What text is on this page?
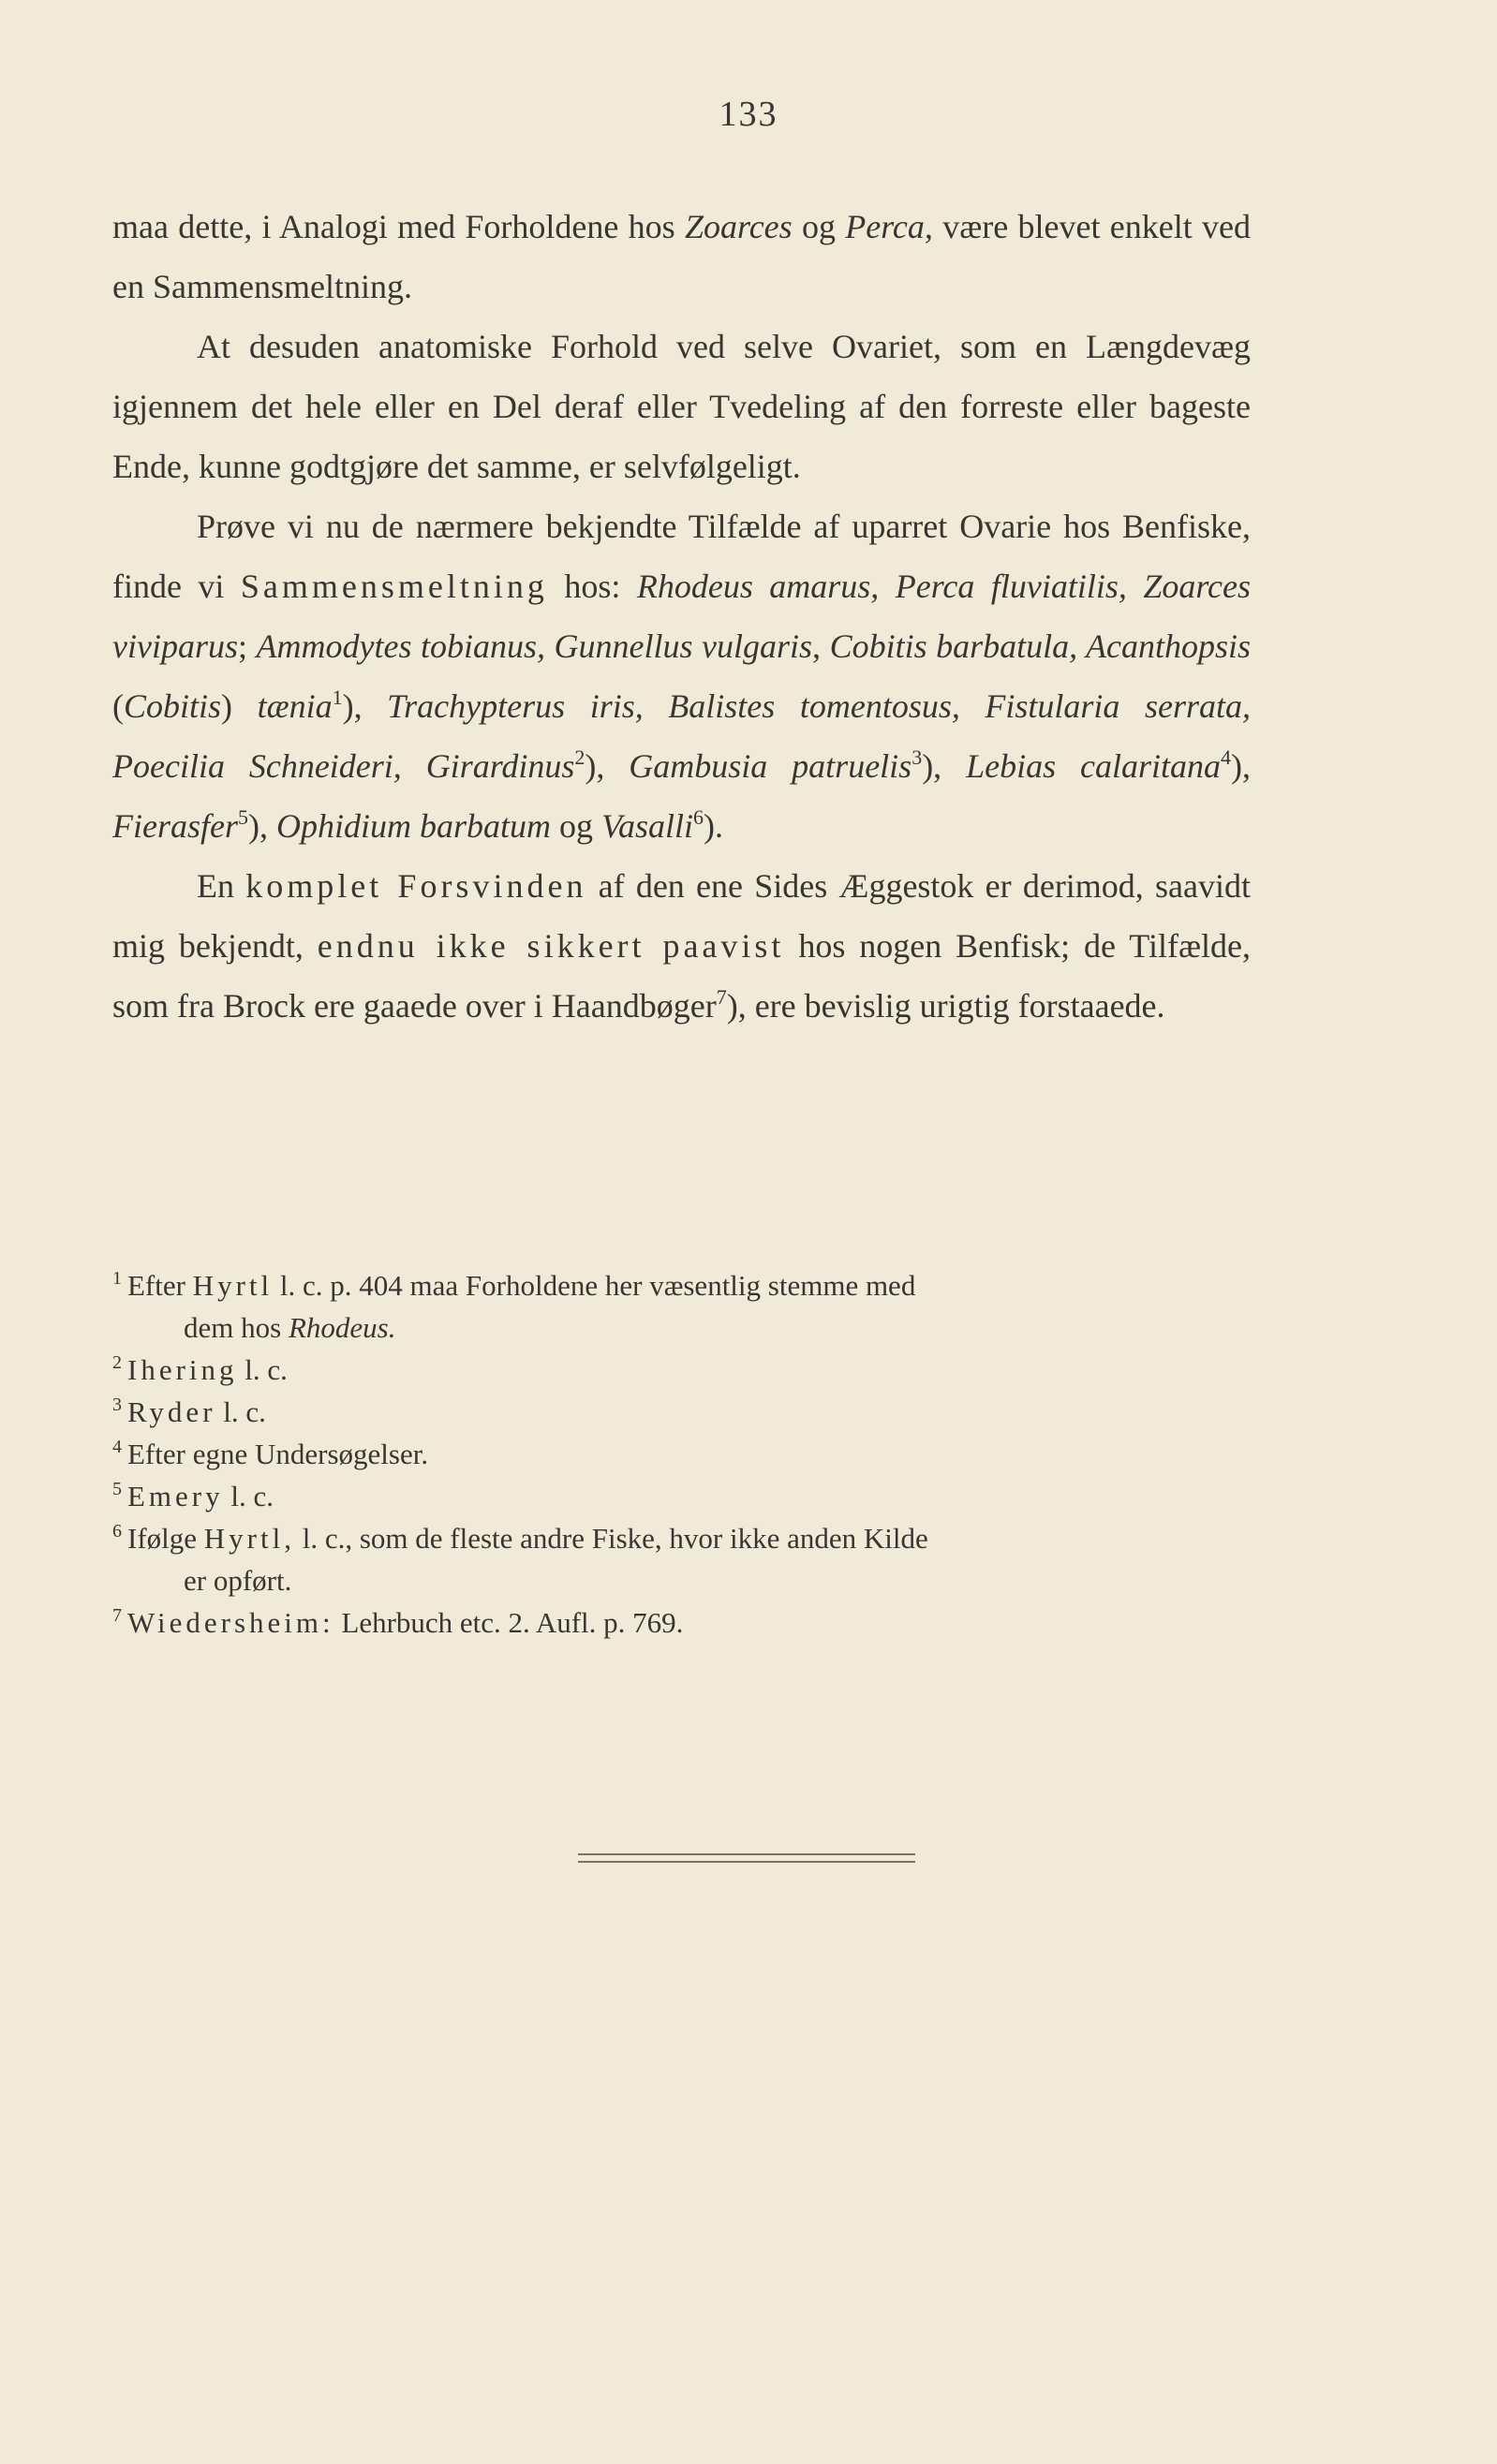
133

maa dette, i Analogi med Forholdene hos Zoarces og Perca, være blevet enkelt ved en Sammensmeltning.

At desuden anatomiske Forhold ved selve Ovariet, som en Længdevæg igjennem det hele eller en Del deraf eller Tvedeling af den forreste eller bageste Ende, kunne godtgjøre det samme, er selvfølgeligt.

Prøve vi nu de nærmere bekjendte Tilfælde af uparret Ovarie hos Benfiske, finde vi Sammensmeltning hos: Rhodeus amarus, Perca fluviatilis, Zoarces viviparus; Ammodytes tobianus, Gunnellus vulgaris, Cobitis barbatula, Acanthopsis (Cobitis) tænia$^1$), Trachypterus iris, Balistes tomentosus, Fistularia serrata, Poecilia Schneideri, Girardinus$^2$), Gambusia patruelis$^3$), Lebias calaritana$^4$), Fierasfer$^5$), Ophidium barbatum og Vasalli$^6$).

En komplet Forsvinden af den ene Sides Æggestok er derimod, saavidt mig bekjendt, endnu ikke sikkert paavist hos nogen Benfisk; de Tilfælde, som fra Brock ere gaaede over i Haandbøger$^7$), ere bevislig urigtig forstaaede.

$^1$ Efter Hyrtl l. c. p. 404 maa Forholdene her væsentlig stemme med
dem hos Rhodeus.
$^2$ Ihering l. c.
$^3$ Ryder l. c.
$^4$ Efter egne Undersøgelser.
$^5$ Emery l. c.
$^6$ Ifølge Hyrtl, l. c., som de fleste andre Fiske, hvor ikke anden Kilde
er opført.
$^7$ Wiedersheim: Lehrbuch etc. 2. Aufl. p. 769.
